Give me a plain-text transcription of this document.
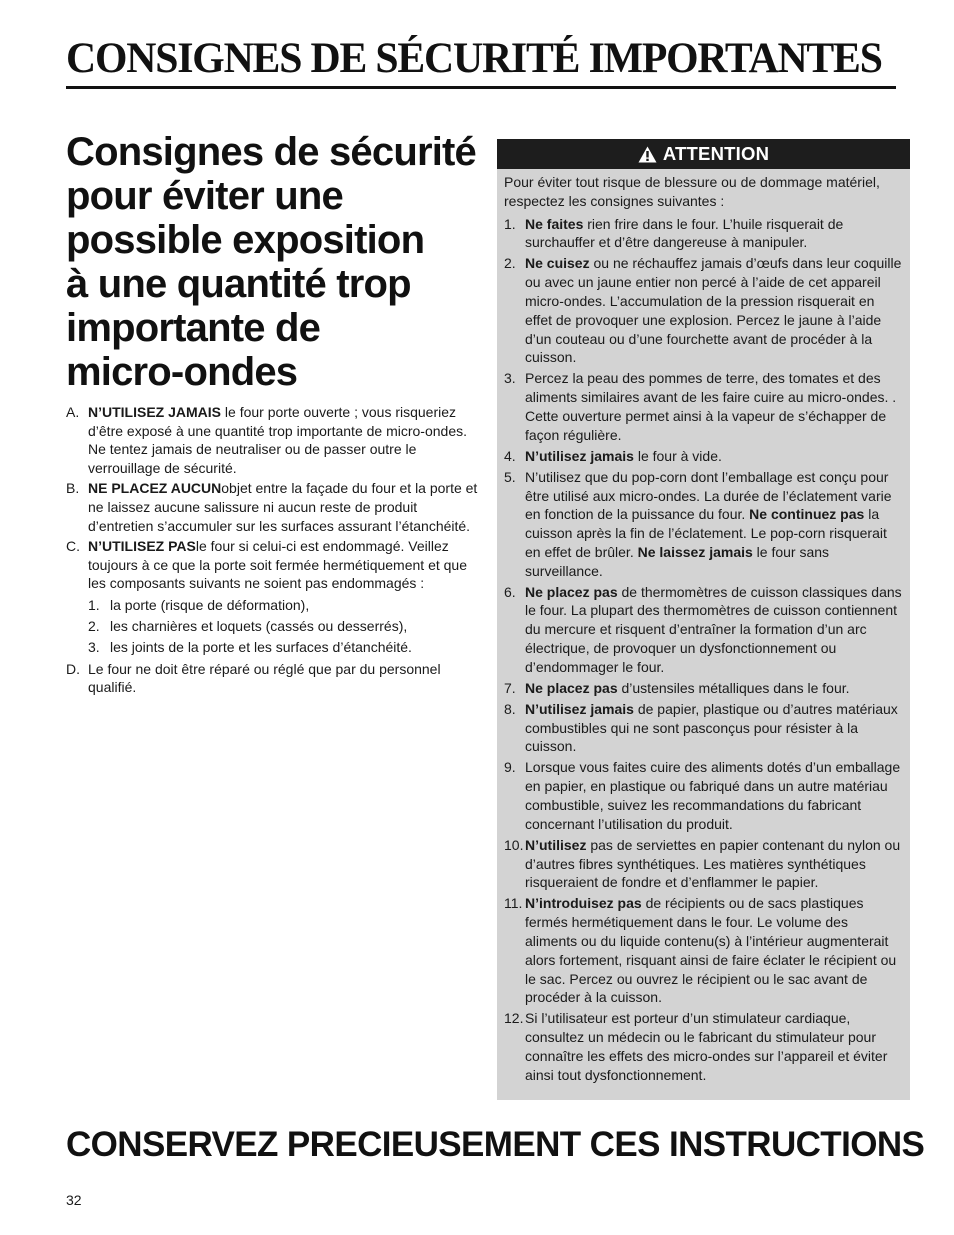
CONSIGNES DE SÉCURITÉ IMPORTANTES
Consignes de sécurité
pour éviter une
possible exposition
à une quantité trop
importante de
micro-ondes
A. N’UTILISEZ JAMAIS le four porte ouverte ; vous risqueriez d’être exposé à une quantité trop importante de micro-ondes. Ne tentez jamais de neutraliser ou de passer outre le verrouillage de sécurité.
B. NE PLACEZ AUCUNobjet entre la façade du four et la porte et ne laissez aucune salissure ni aucun reste de produit d’entretien s’accumuler sur les surfaces assurant l’étanchéité.
C. N’UTILISEZ PASle four si celui-ci est endommagé. Veillez toujours à ce que la porte soit fermée hermétiquement et que les composants suivants ne soient pas endommagés :
1. la porte (risque de déformation),
2. les charnières et loquets (cassés ou desserrés),
3. les joints de la porte et les surfaces d’étanchéité.
D. Le four ne doit être réparé ou réglé que par du personnel qualifié.
ATTENTION
Pour éviter tout risque de blessure ou de dommage matériel, respectez les consignes suivantes :
1. Ne faites rien frire dans le four. L’huile risquerait de surchauffer et d’être dangereuse à manipuler.
2. Ne cuisez ou ne réchauffez jamais d’œufs dans leur coquille ou avec un jaune entier non percé à l’aide de cet appareil micro-ondes. L’accumulation de la pression risquerait en effet de provoquer une explosion. Percez le jaune à l’aide d’un couteau ou d’une fourchette avant de procéder à la cuisson.
3. Percez la peau des pommes de terre, des tomates et des aliments similaires avant de les faire cuire au micro-ondes. . Cette ouverture permet ainsi à la vapeur de s’échapper de façon régulière.
4. N’utilisez jamais le four à vide.
5. N’utilisez que du pop-corn dont l’emballage est conçu pour être utilisé aux micro-ondes. La durée de l’éclatement varie en fonction de la puissance du four. Ne continuez pas la cuisson après la fin de l’éclatement. Le pop-corn risquerait en effet de brûler. Ne laissez jamais le four sans surveillance.
6. Ne placez pas de thermomètres de cuisson classiques dans le four. La plupart des thermomètres de cuisson contiennent du mercure et risquent d’entraîner la formation d’un arc électrique, de provoquer un dysfonctionnement ou d’endommager le four.
7. Ne placez pas d’ustensiles métalliques dans le four.
8. N’utilisez jamais de papier, plastique ou d’autres matériaux combustibles qui ne sont pasconçus pour résister à la cuisson.
9. Lorsque vous faites cuire des aliments dotés d’un emballage en papier, en plastique ou fabriqué dans un autre matériau combustible, suivez les recommandations du fabricant concernant l’utilisation du produit.
10. N’utilisez pas de serviettes en papier contenant du nylon ou d’autres fibres synthétiques. Les matières synthétiques risqueraient de fondre et d’enflammer le papier.
11. N’introduisez pas de récipients ou de sacs plastiques fermés hermétiquement dans le four. Le volume des aliments ou du liquide contenu(s) à l’intérieur augmenterait alors fortement, risquant ainsi de faire éclater le récipient ou le sac. Percez ou ouvrez le récipient ou le sac avant de procéder à la cuisson.
12. Si l’utilisateur est porteur d’un stimulateur cardiaque, consultez un médecin ou le fabricant du stimulateur pour connaître les effets des micro-ondes sur l’appareil et éviter ainsi tout dysfonctionnement.
CONSERVEZ PRECIEUSEMENT CES INSTRUCTIONS
32
